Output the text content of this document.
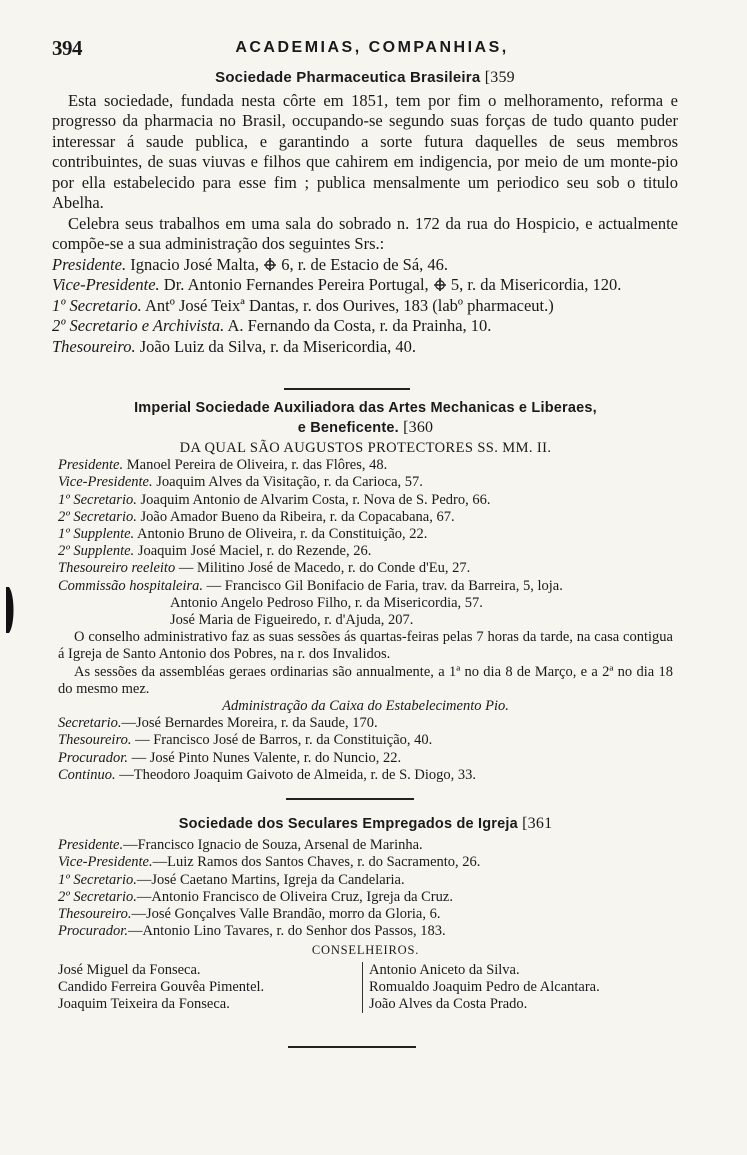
394	ACADEMIAS, COMPANHIAS,
Sociedade Pharmaceutica Brasileira [359

Esta sociedade, fundada nesta côrte em 1851, tem por fim o melhoramento, reforma e progresso da pharmacia no Brasil, occupando-se segundo suas forças de tudo quanto puder interessar á saude publica, e garantindo a sorte futura daquelles de seus membros contribuintes, de suas viuvas e filhos que cahirem em indigencia, por meio de um monte-pio por ella estabelecido para esse fim ; publica mensalmente um periodico seu sob o titulo Abelha.

Celebra seus trabalhos em uma sala do sobrado n. 172 da rua do Hospicio, e actualmente compõe-se a sua administração dos seguintes Srs.:

Presidente. Ignacio José Malta, 6, r. de Estacio de Sá, 46.

Vice-Presidente. Dr. Antonio Fernandes Pereira Portugal, 5, r. da Misericordia, 120.

1º Secretario. Antº José Teixª Dantas, r. dos Ourives, 183 (labº pharmaceut.)

2º Secretario e Archivista. A. Fernando da Costa, r. da Prainha, 10.

Thesoureiro. João Luiz da Silva, r. da Misericordia, 40.

Imperial Sociedade Auxiliadora das Artes Mechanicas e Liberaes,
e Beneficente. [360

DA QUAL SÃO AUGUSTOS PROTECTORES SS. MM. II.

Presidente. Manoel Pereira de Oliveira, r. das Flôres, 48.

Vice-Presidente. Joaquim Alves da Visitação, r. da Carioca, 57.

1º Secretario. Joaquim Antonio de Alvarim Costa, r. Nova de S. Pedro, 66.

2º Secretario. João Amador Bueno da Ribeira, r. da Copacabana, 67.

1º Supplente. Antonio Bruno de Oliveira, r. da Constituição, 22.

2º Supplente. Joaquim José Maciel, r. do Rezende, 26.

Thesoureiro reeleito — Militino José de Macedo, r. do Conde d'Eu, 27.

Commissão hospitaleira. — Francisco Gil Bonifacio de Faria, trav. da Barreira, 5, loja.

Antonio Angelo Pedroso Filho, r. da Misericordia, 57.

José Maria de Figueiredo, r. d'Ajuda, 207.

O conselho administrativo faz as suas sessões ás quartas-feiras pelas 7 horas da tarde, na casa contigua á Igreja de Santo Antonio dos Pobres, na r. dos Invalidos.

As sessões da assembléas geraes ordinarias são annualmente, a 1ª no dia 8 de Março, e a 2ª no dia 18 do mesmo mez.

Administração da Caixa do Estabelecimento Pio.

Secretario.—José Bernardes Moreira, r. da Saude, 170.

Thesoureiro. — Francisco José de Barros, r. da Constituição, 40.

Procurador. — José Pinto Nunes Valente, r. do Nuncio, 22.

Continuo. —Theodoro Joaquim Gaivoto de Almeida, r. de S. Diogo, 33.

Sociedade dos Seculares Empregados de Igreja [361

Presidente.—Francisco Ignacio de Souza, Arsenal de Marinha.

Vice-Presidente.—Luiz Ramos dos Santos Chaves, r. do Sacramento, 26.

1º Secretario.—José Caetano Martins, Igreja da Candelaria.

2º Secretario.—Antonio Francisco de Oliveira Cruz, Igreja da Cruz.

Thesoureiro.—José Gonçalves Valle Brandão, morro da Gloria, 6.

Procurador.—Antonio Lino Tavares, r. do Senhor dos Passos, 183.

CONSELHEIROS.

José Miguel da Fonseca.
Candido Ferreira Gouvêa Pimentel.
Joaquim Teixeira da Fonseca.
Antonio Aniceto da Silva.
Romualdo Joaquim Pedro de Alcantara.
João Alves da Costa Prado.
